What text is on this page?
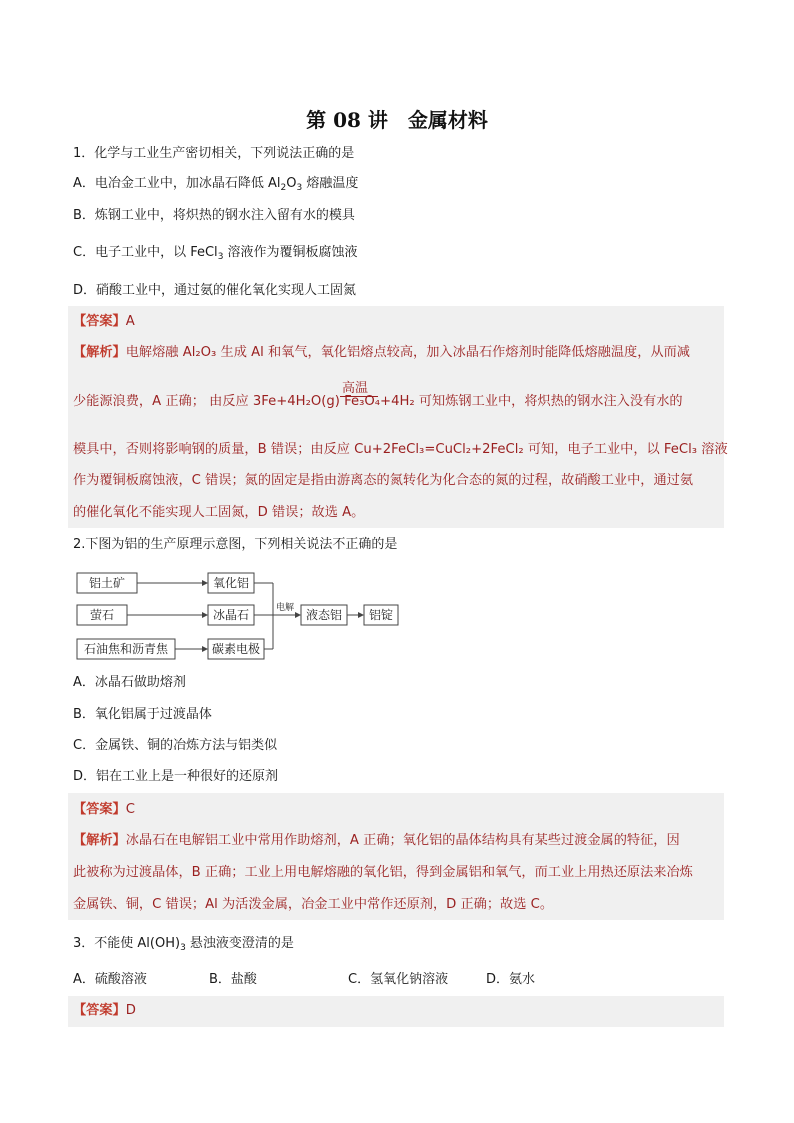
第 08 讲　金属材料
1．化学与工业生产密切相关，下列说法正确的是
A．电冶金工业中，加冰晶石降低 $Al_2O_3$ 熔融温度
B．炼钢工业中，将炽热的钢水注入留有水的模具
C．电子工业中，以 FeCl$_3$ 溶液作为覆铜板腐蚀液
D．硝酸工业中，通过氨的催化氧化实现人工固氮
【答案】A
【解析】电解熔融 Al₂O₃ 生成 Al 和氧气，氧化铝熔点较高，加入冰晶石作熔剂时能降低熔融温度，从而减
少能源浪费，A 正确； 由反应 3Fe+4H₂O(g) Fe₃O₄+4H₂ 可知炼钢工业中，将炽热的钢水注入没有水的
高温
模具中，否则将影响钢的质量，B 错误；由反应 Cu+2FeCl₃=CuCl₂+2FeCl₂ 可知，电子工业中，以 FeCl₃ 溶液
作为覆铜板腐蚀液，C 错误；氮的固定是指由游离态的氮转化为化合态的氮的过程，故硝酸工业中，通过氨
的催化氧化不能实现人工固氮，D 错误；故选 A。
2.下图为铝的生产原理示意图，下列相关说法不正确的是
铝土矿
萤石
石油焦和沥青焦
氧化铝
冰晶石
碳素电极
电解 液态铝 铝锭
A．冰晶石做助熔剂
B．氧化铝属于过渡晶体
C．金属铁、铜的冶炼方法与铝类似
D．铝在工业上是一种很好的还原剂
【答案】C
【解析】冰晶石在电解铝工业中常用作助熔剂，A 正确；氧化铝的晶体结构具有某些过渡金属的特征，因
此被称为过渡晶体，B 正确；工业上用电解熔融的氧化铝，得到金属铝和氧气，而工业上用热还原法来冶炼
金属铁、铜，C 错误；Al 为活泼金属，冶金工业中常作还原剂，D 正确；故选 C。
3．不能使 $Al(OH)_3$ 悬浊液变澄清的是
A．硫酸溶液	B．盐酸	C．氢氧化钠溶液	D．氨水
【答案】D
